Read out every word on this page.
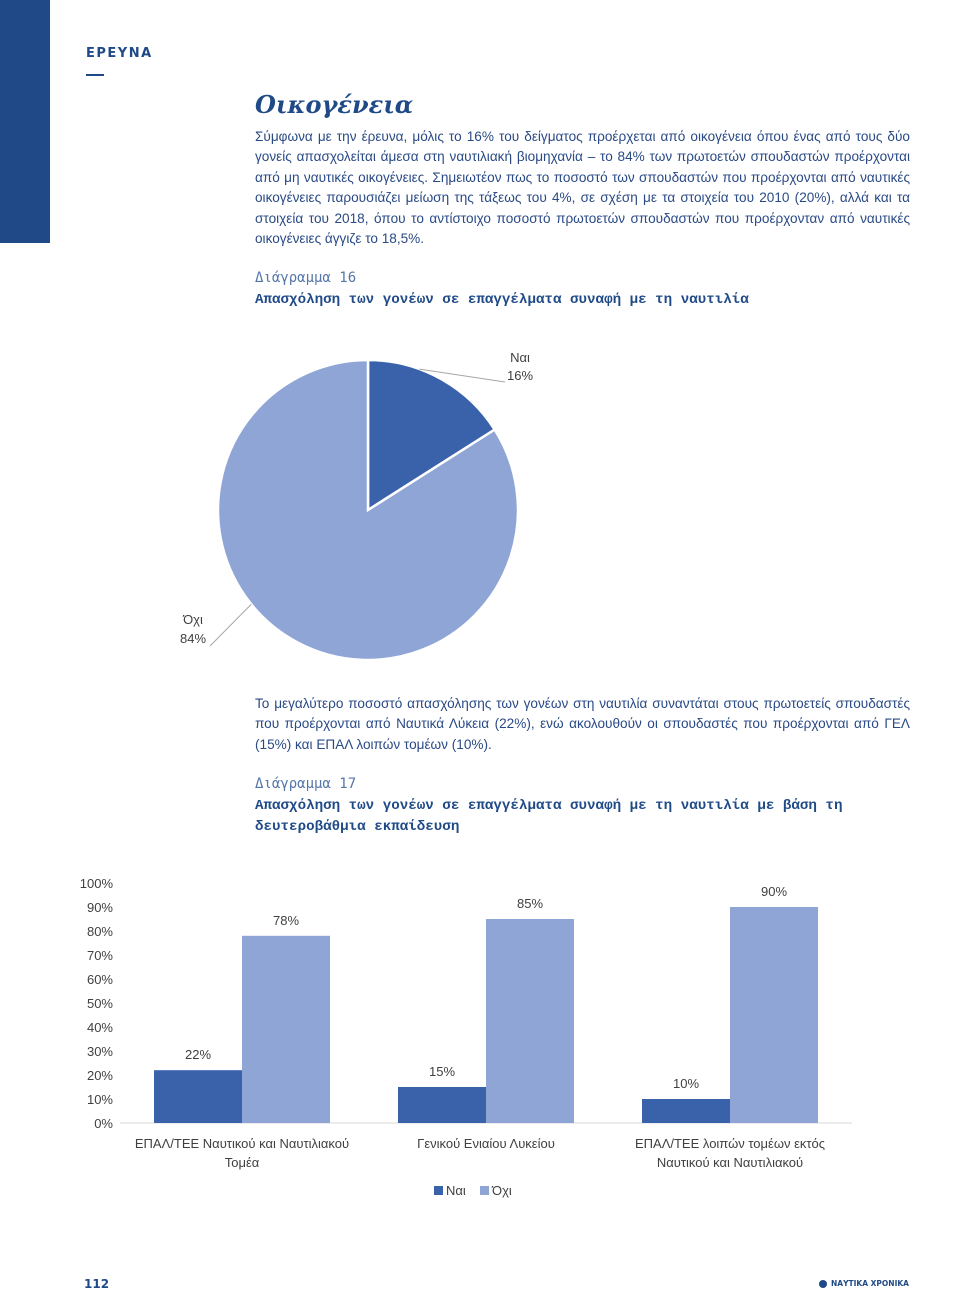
ΕΡΕΥΝΑ
Οικογένεια

Σύμφωνα με την έρευνα, μόλις το 16% του δείγματος προέρχεται από οικογένεια όπου ένας από τους δύο γονείς απασχολείται άμεσα στη ναυτιλιακή βιομηχανία – το 84% των πρωτοετών σπουδαστών προέρχονται από μη ναυτικές οικογένειες. Σημειωτέον πως το ποσοστό των σπουδαστών που προέρχονται από ναυτικές οικογένειες παρουσιάζει μείωση της τάξεως του 4%, σε σχέση με τα στοιχεία του 2010 (20%), αλλά και τα στοιχεία του 2018, όπου το αντίστοιχο ποσοστό πρωτοετών σπουδαστών που προέρχονταν από ναυτικές οικογένειες άγγιζε το 18,5%.

Διάγραμμα 16
Απασχόληση των γονέων σε επαγγέλματα συναφή με τη ναυτιλία
Ναι
16%
Όχι
84%

Το μεγαλύτερο ποσοστό απασχόλησης των γονέων στη ναυτιλία συναντάται στους πρωτοετείς σπουδαστές που προέρχονται από Ναυτικά Λύκεια (22%), ενώ ακολουθούν οι σπουδαστές που προέρχονται από ΓΕΛ (15%) και ΕΠΑΛ λοιπών τομέων (10%).

Διάγραμμα 17
Απασχόληση των γονέων σε επαγγέλματα συναφή με τη ναυτιλία με βάση τη δευτεροβάθμια εκπαίδευση
0%
10%
20%
30%
40%
50%
60%
70%
80%
90%
100%
22%
78%
ΕΠΑΛ/ΤΕΕ Ναυτικού και Ναυτιλιακού
Τομέα
15%
85%
Γενικού Ενιαίου Λυκείου
10%
90%
ΕΠΑΛ/ΤΕΕ λοιπών τομέων εκτός
Ναυτικού και Ναυτιλιακού
Ναι Όχι
112	ΝΑΥΤΙΚΑ ΧΡΟΝΙΚΑ
